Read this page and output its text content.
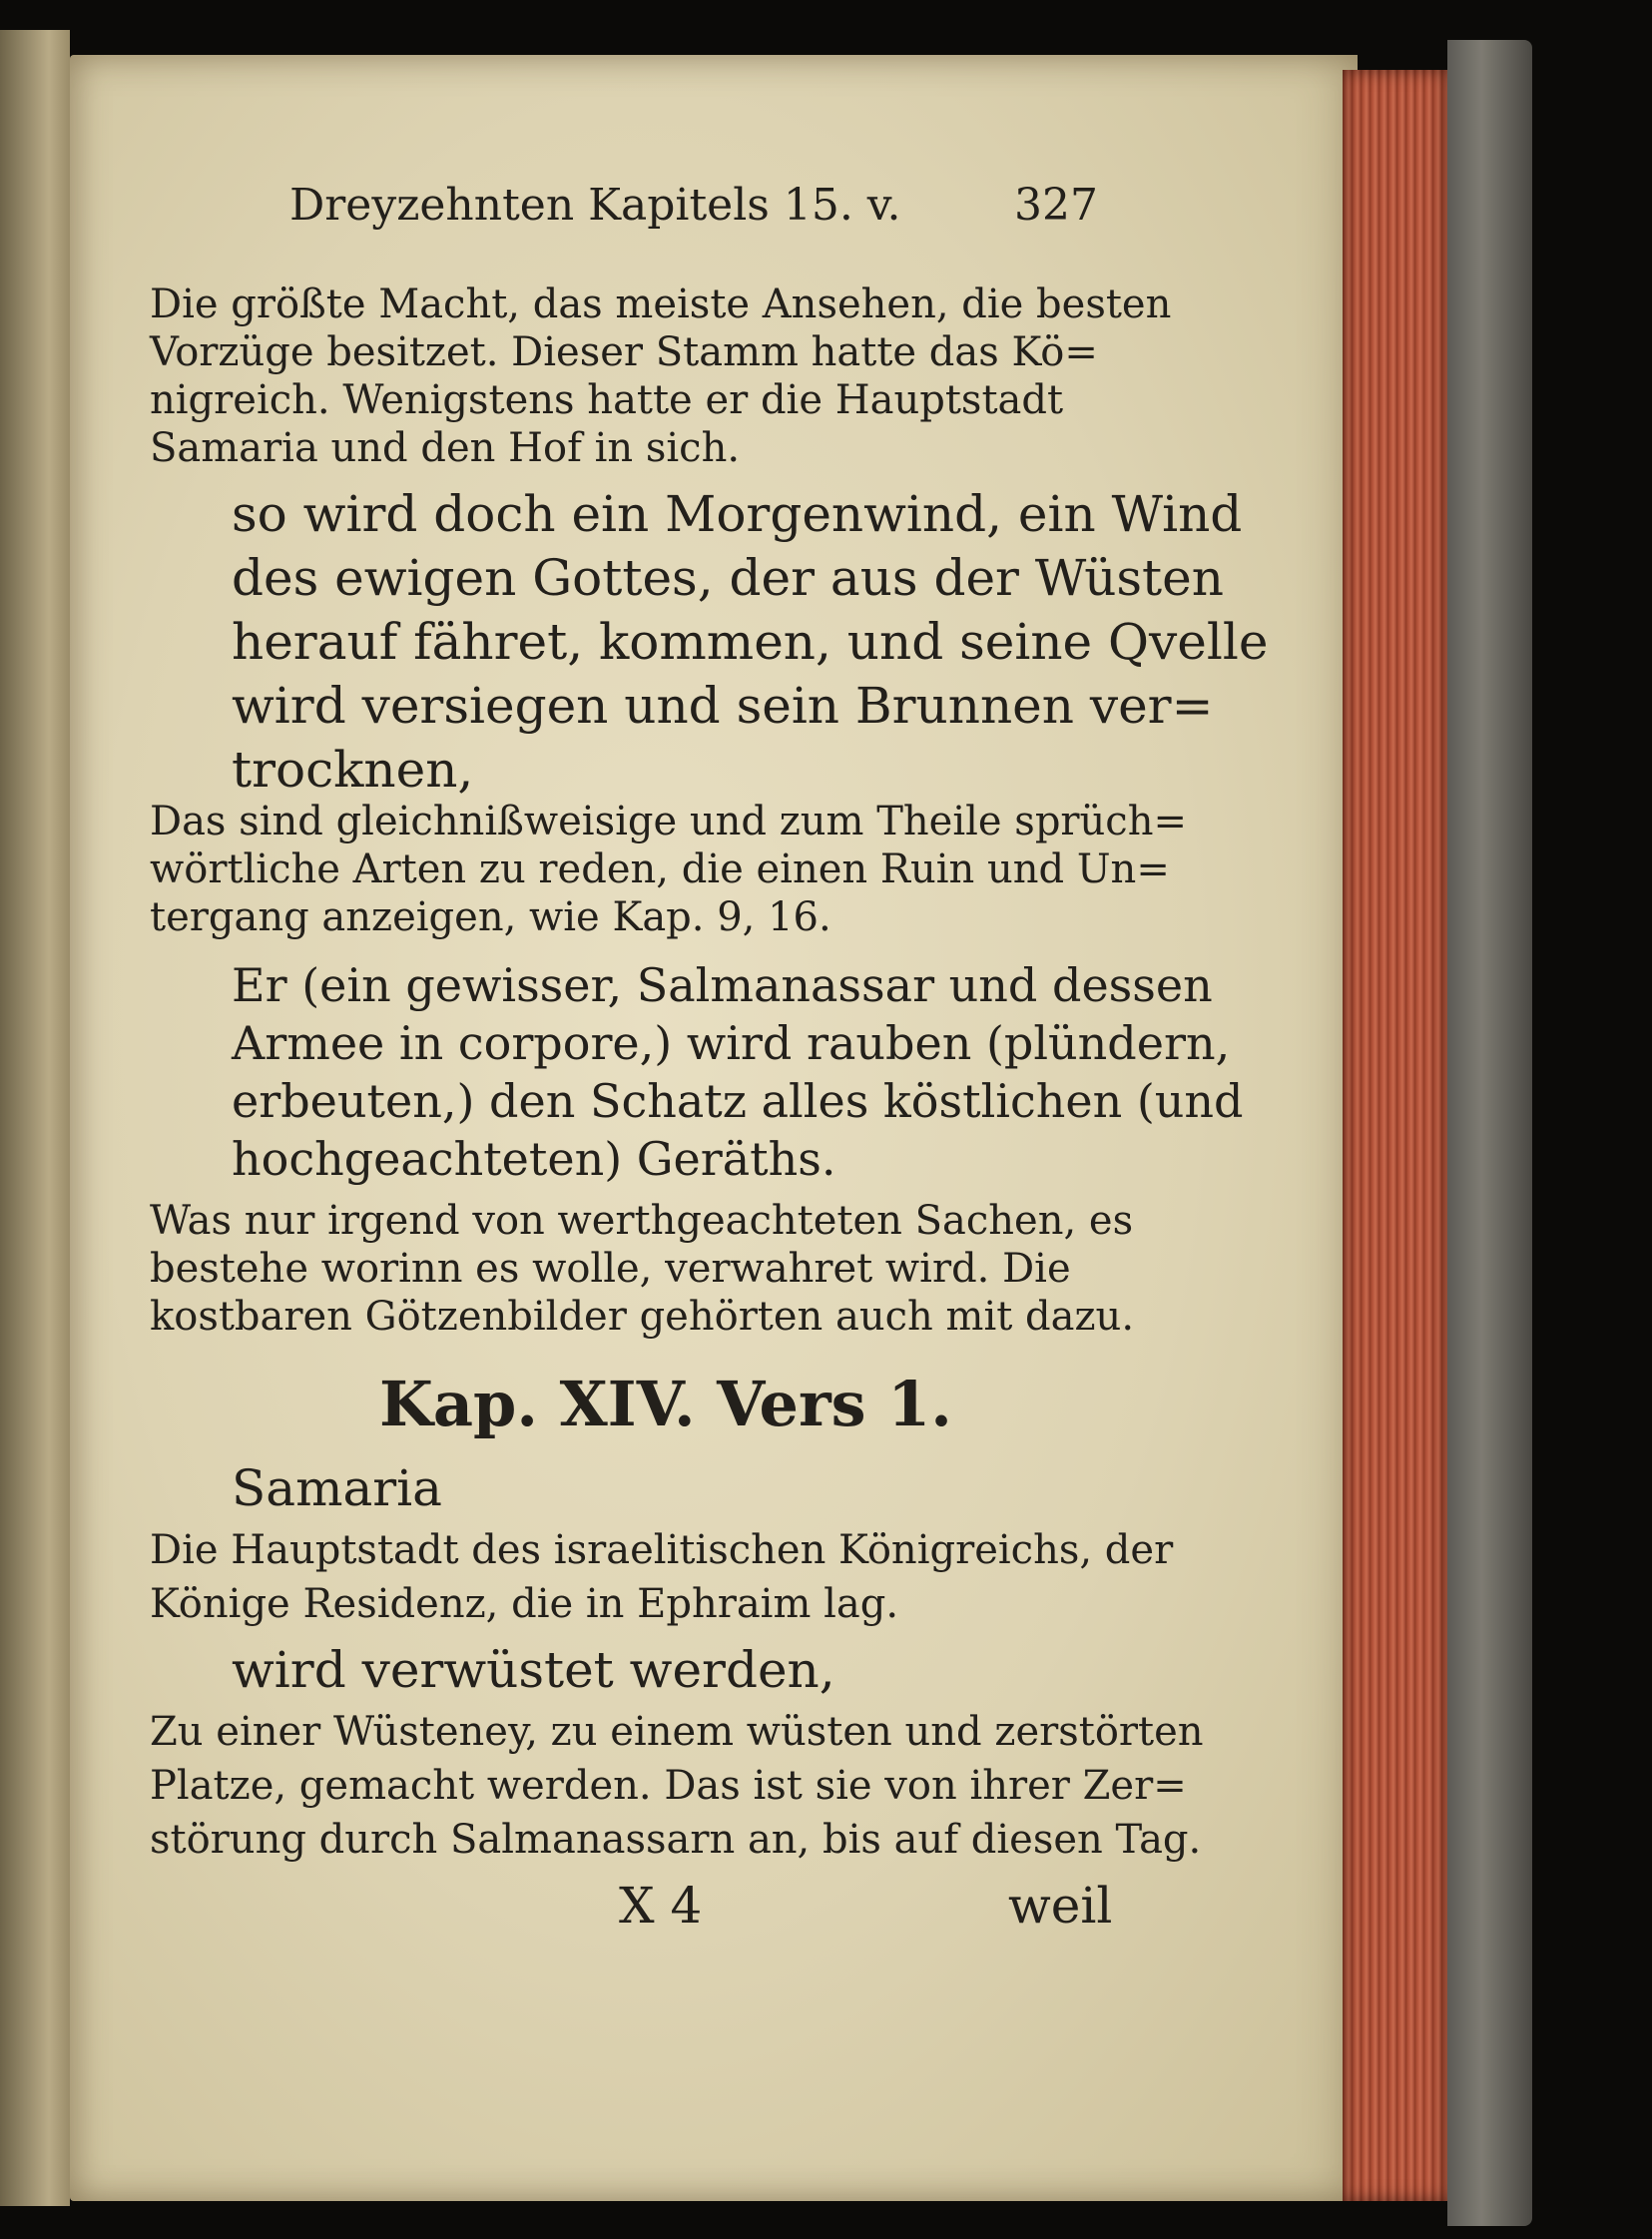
Dreyzehnten Kapitels 15. v.	327
Die größte Macht, das meiste Ansehen, die besten
Vorzüge besitzet. Dieser Stamm hatte das Kö=
nigreich. Wenigstens hatte er die Hauptstadt
Samaria und den Hof in sich.
so wird doch ein Morgenwind, ein Wind
des ewigen Gottes, der aus der Wüsten
herauf fähret, kommen, und seine Qvelle
wird versiegen und sein Brunnen ver=
trocknen,
Das sind gleichnißweisige und zum Theile sprüch=
wörtliche Arten zu reden, die einen Ruin und Un=
tergang anzeigen, wie Kap. 9, 16.
Er (ein gewisser, Salmanassar und dessen
Armee in corpore,) wird rauben (plündern,
erbeuten,) den Schatz alles köstlichen (und
hochgeachteten) Geräths.
Was nur irgend von werthgeachteten Sachen, es
bestehe worinn es wolle, verwahret wird. Die
kostbaren Götzenbilder gehörten auch mit dazu.
Kap. XIV. Vers 1.
Samaria
Die Hauptstadt des israelitischen Königreichs, der
Könige Residenz, die in Ephraim lag.
wird verwüstet werden,
Zu einer Wüsteney, zu einem wüsten und zerstörten
Platze, gemacht werden. Das ist sie von ihrer Zer=
störung durch Salmanassarn an, bis auf diesen Tag.
X 4	weil
